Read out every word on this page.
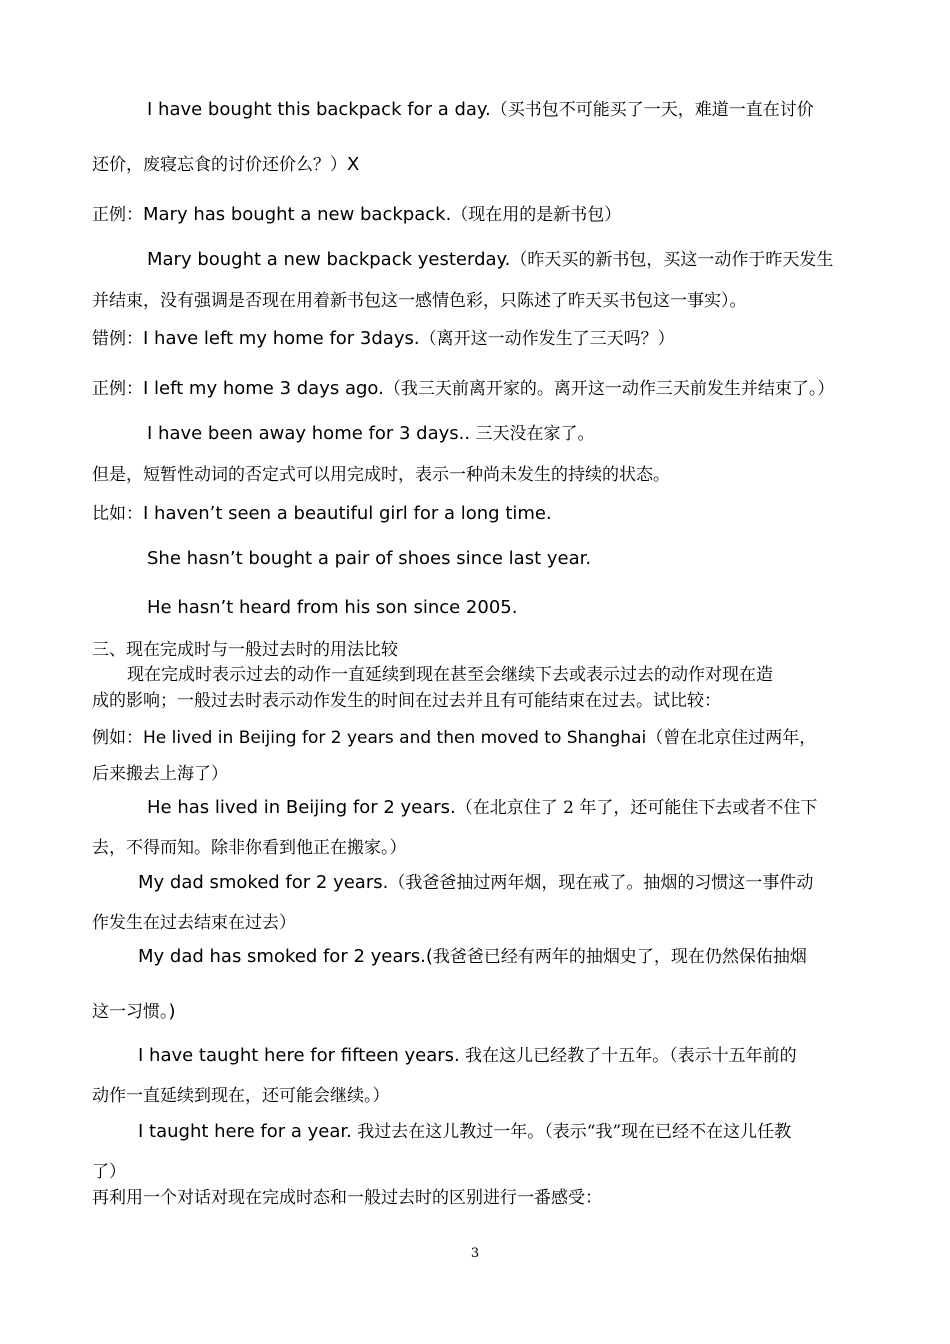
I have bought this backpack for a day.（买书包不可能买了一天，难道一直在讨价
还价，废寝忘食的讨价还价么？）X
正例：Mary has bought a new backpack.（现在用的是新书包）
Mary bought a new backpack yesterday.（昨天买的新书包，买这一动作于昨天发生
并结束，没有强调是否现在用着新书包这一感情色彩，只陈述了昨天买书包这一事实）。
错例：I have left my home for 3days.（离开这一动作发生了三天吗？）
正例：I left my home 3 days ago.（我三天前离开家的。离开这一动作三天前发生并结束了。）
I have been away home for 3 days.. 三天没在家了。
但是，短暂性动词的否定式可以用完成时，表示一种尚未发生的持续的状态。
比如：I haven’t seen a beautiful girl for a long time.
She hasn’t bought a pair of shoes since last year.
He hasn’t heard from his son since 2005.
三、现在完成时与一般过去时的用法比较
现在完成时表示过去的动作一直延续到现在甚至会继续下去或表示过去的动作对现在造
成的影响；一般过去时表示动作发生的时间在过去并且有可能结束在过去。试比较：
例如：He lived in Beijing for 2 years and then moved to Shanghai（曾在北京住过两年，
后来搬去上海了）
He has lived in Beijing for 2 years.（在北京住了 2 年了，还可能住下去或者不住下
去，不得而知。除非你看到他正在搬家。）
My dad smoked for 2 years.（我爸爸抽过两年烟，现在戒了。抽烟的习惯这一事件动
作发生在过去结束在过去）
My dad has smoked for 2 years.(我爸爸已经有两年的抽烟史了，现在仍然保佑抽烟
这一习惯。)
I have taught here for fifteen years. 我在这儿已经教了十五年。（表示十五年前的
动作一直延续到现在，还可能会继续。）
I taught here for a year. 我过去在这儿教过一年。（表示“我”现在已经不在这儿任教
了）
再利用一个对话对现在完成时态和一般过去时的区别进行一番感受：
3
